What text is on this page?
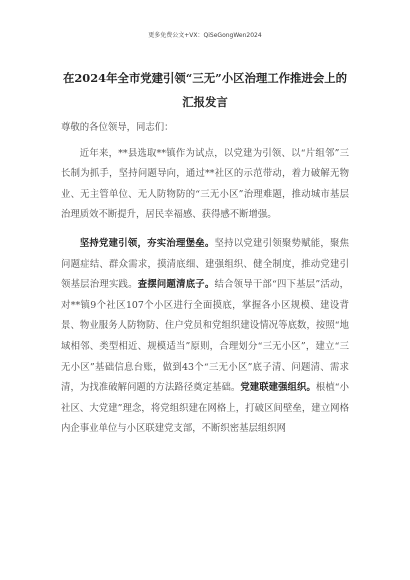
更多免费公文+VX：QiSeGongWen2024
在2024年全市党建引领“三无”小区治理工作推进会上的
汇报发言
尊敬的各位领导，同志们：

近年来，**县选取**镇作为试点，以党建为引领、以“片组邻”三长制为抓手，坚持问题导向，通过**社区的示范带动，着力破解无物业、无主管单位、无人防物防的“三无小区”治理难题，推动城市基层治理质效不断提升，居民幸福感、获得感不断增强。

坚持党建引领，夯实治理堡垒。坚持以党建引领聚势赋能，聚焦问题症结、群众需求，摸清底细、建强组织、健全制度，推动党建引领基层治理实践。查摆问题清底子。结合领导干部“四下基层”活动，对**镇9个社区107个小区进行全面摸底，掌握各小区规模、建设背景、物业服务人防物防、住户党员和党组织建设情况等底数，按照“地域相邻、类型相近、规模适当”原则，合理划分“三无小区”，建立“三无小区”基础信息台账，做到43个“三无小区”底子清、问题清、需求清，为找准破解问题的方法路径奠定基础。党建联建强组织。根植“小社区、大党建”理念，将党组织建在网格上，打破区间壁垒，建立网格内企事业单位与小区联建党支部，不断织密基层组织网
